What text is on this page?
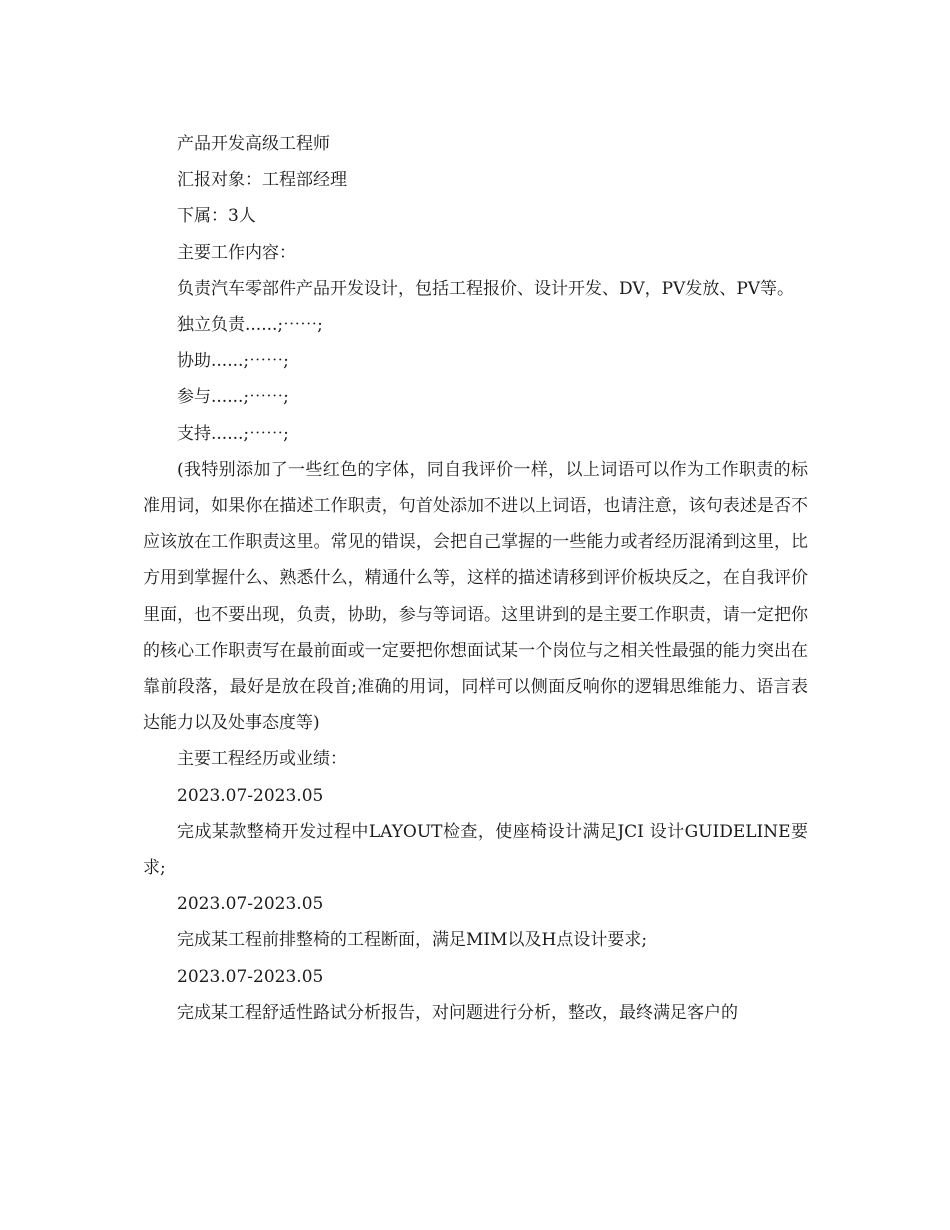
产品开发高级工程师

汇报对象：工程部经理

下属：3人

主要工作内容：

负责汽车零部件产品开发设计，包括工程报价、设计开发、DV，PV发放、PV等。

独立负责......;⋯⋯;

协助......;⋯⋯;

参与......;⋯⋯;

支持......;⋯⋯;

(我特别添加了一些红色的字体，同自我评价一样，以上词语可以作为工作职责的标准用词，如果你在描述工作职责，句首处添加不进以上词语，也请注意，该句表述是否不应该放在工作职责这里。常见的错误，会把自己掌握的一些能力或者经历混淆到这里，比方用到掌握什么、熟悉什么，精通什么等，这样的描述请移到评价板块反之，在自我评价里面，也不要出现，负责，协助，参与等词语。这里讲到的是主要工作职责，请一定把你的核心工作职责写在最前面或一定要把你想面试某一个岗位与之相关性最强的能力突出在靠前段落，最好是放在段首;准确的用词，同样可以侧面反响你的逻辑思维能力、语言表达能力以及处事态度等)

主要工程经历或业绩：

2023.07-2023.05

完成某款整椅开发过程中LAYOUT检查，使座椅设计满足JCI 设计GUIDELINE要求;

2023.07-2023.05

完成某工程前排整椅的工程断面，满足MIM以及H点设计要求;

2023.07-2023.05

完成某工程舒适性路试分析报告，对问题进行分析，整改，最终满足客户的
